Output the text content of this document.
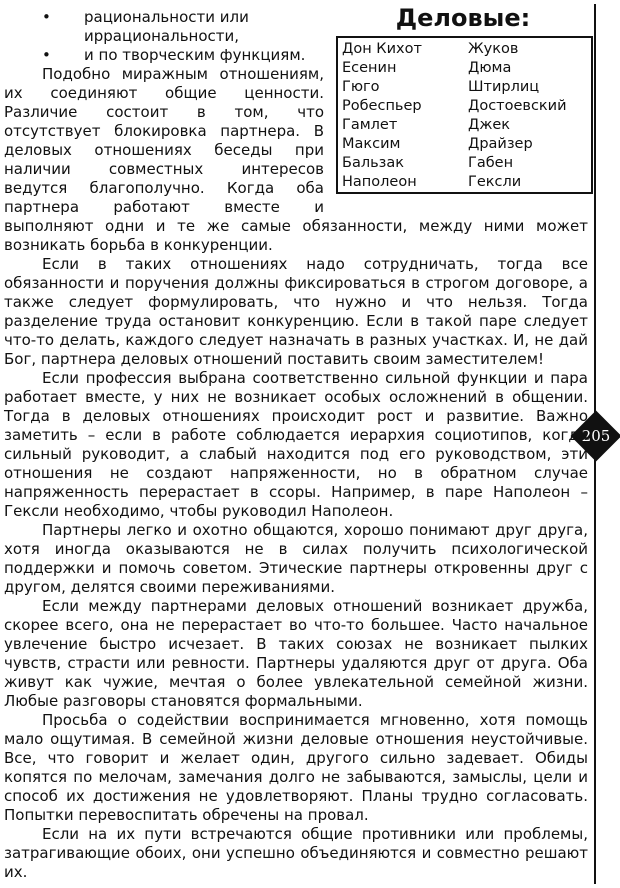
205
Деловые:
Дон Кихот	Жуков
Есенин	Дюма
Гюго	Штирлиц
Робеспьер	Достоевский
Гамлет	Джек
Максим	Драйзер
Бальзак	Габен
Наполеон	Гексли
•	рациональности или иррациональности,
•	и по творческим функциям.

Подобно миражным отношениям, их соединяют общие ценности. Различие состоит в том, что отсутствует блокировка партнера. В деловых отношениях беседы при наличии совместных интересов ведутся благополучно. Когда оба партнера работают вместе и выполняют одни и те же самые обязанности, между ними может возникать борьба в конкуренции.

Если в таких отношениях надо сотрудничать, тогда все обязанности и поручения должны фиксироваться в строгом договоре, а также следует формулировать, что нужно и что нельзя. Тогда разделение труда остановит конкуренцию. Если в такой паре следует что-то делать, каждого следует назначать в разных участках. И, не дай Бог, партнера деловых отношений поставить своим заместителем!

Если профессия выбрана соответственно сильной функции и пара работает вместе, у них не возникает особых осложнений в общении. Тогда в деловых отношениях происходит рост и развитие. Важно заметить – если в работе соблюдается иерархия социотипов, когда сильный руководит, а слабый находится под его руководством, эти отношения не создают напряженности, но в обратном случае напряженность перерастает в ссоры. Например, в паре Наполеон – Гексли необходимо, чтобы руководил Наполеон.

Партнеры легко и охотно общаются, хорошо понимают друг друга, хотя иногда оказываются не в силах получить психологической поддержки и помочь советом. Этические партнеры откровенны друг с другом, делятся своими переживаниями.

Если между партнерами деловых отношений возникает дружба, скорее всего, она не перерастает во что-то большее. Часто начальное увлечение быстро исчезает. В таких союзах не возникает пылких чувств, страсти или ревности. Партнеры удаляются друг от друга. Оба живут как чужие, мечтая о более увлекательной семейной жизни. Любые разговоры становятся формальными.

Просьба о содействии воспринимается мгновенно, хотя помощь мало ощутимая. В семейной жизни деловые отношения неустойчивые. Все, что говорит и желает один, другого сильно задевает. Обиды копятся по мелочам, замечания долго не забываются, замыслы, цели и способ их достижения не удовлетворяют. Планы трудно согласовать. Попытки перевоспитать обречены на провал.

Если на их пути встречаются общие противники или проблемы, затрагивающие обоих, они успешно объединяются и совместно решают их.
